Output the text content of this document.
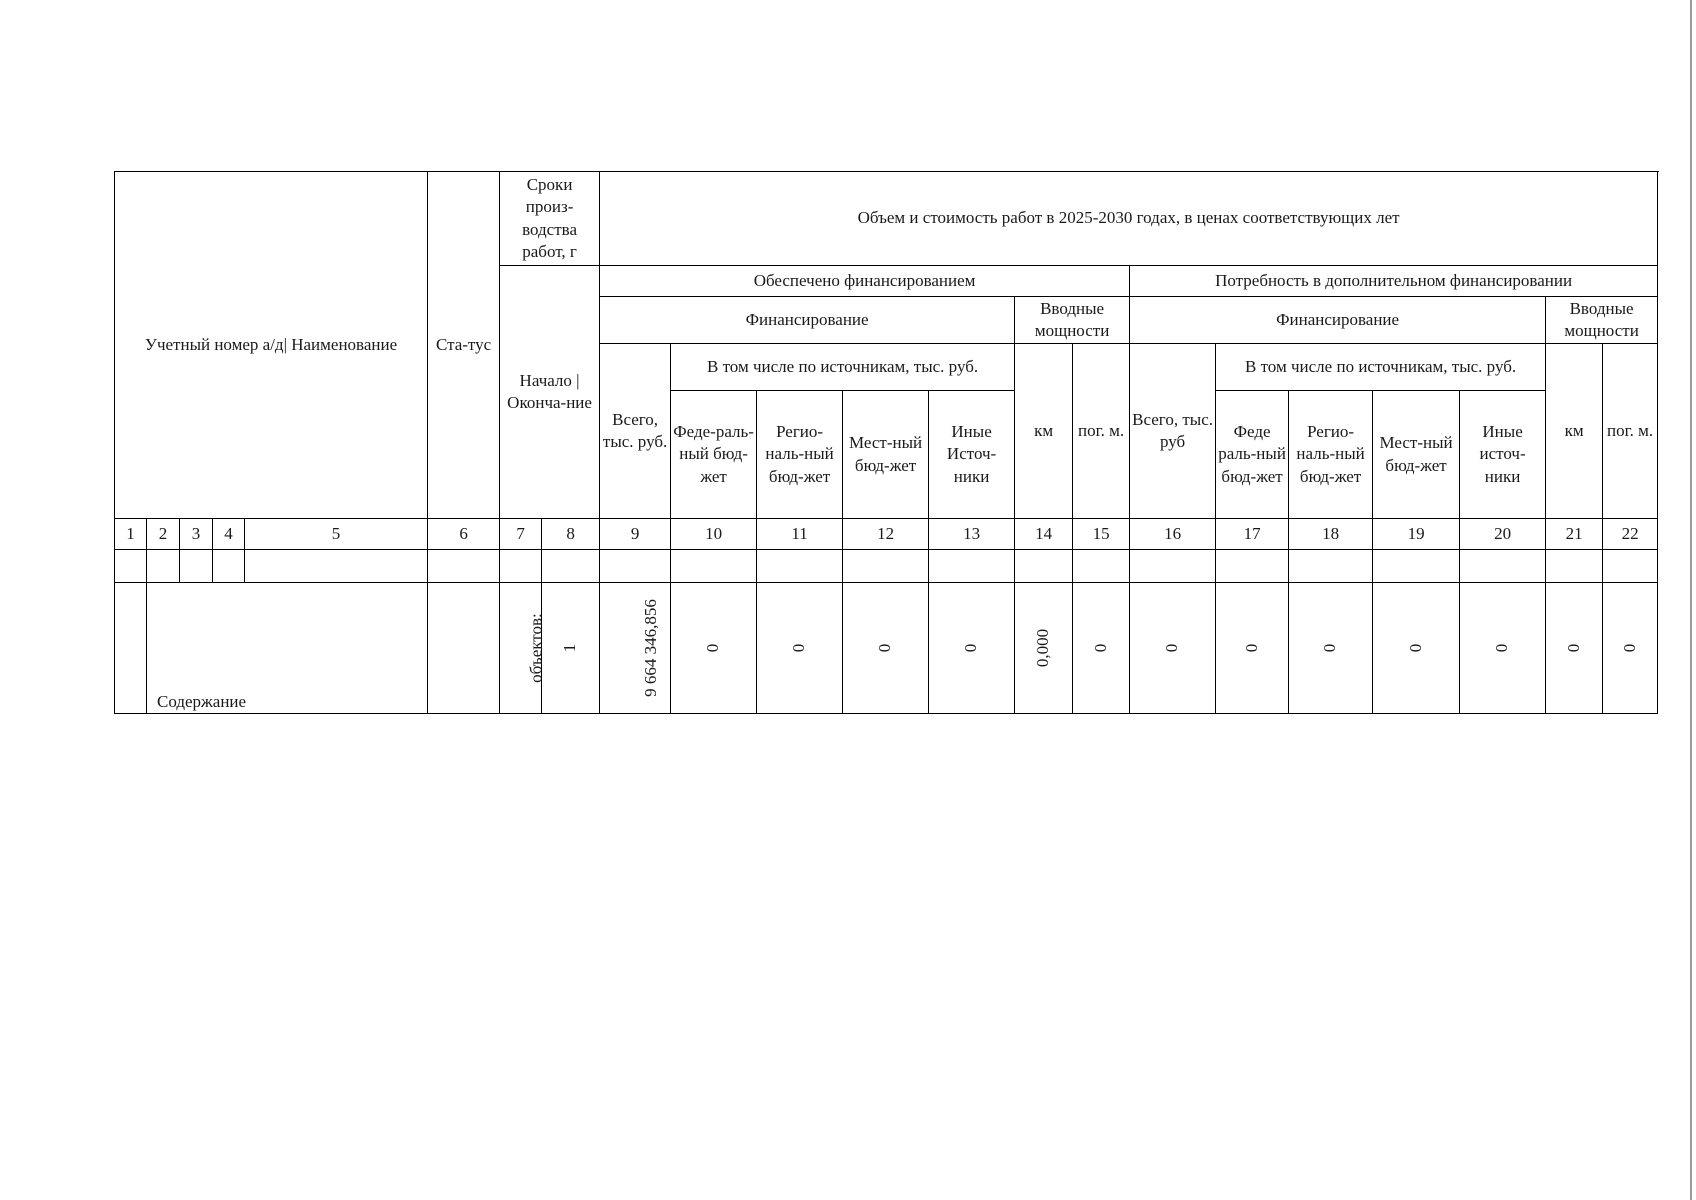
Учетный номер а/д| Наименование					Ста-тус	Сроки произ-водства работ, г		Объем и стоимость работ в 2025-2030 годах, в ценах соответствующих лет													
						Начало | Оконча-ние		Обеспечено финансированием							Потребность в дополнительном финансировании						
								Финансирование					Вводные мощности		Финансирование					Вводные мощности	
								Всего, тыс. руб.	В том числе по источникам, тыс. руб.				км	пог. м.	Всего, тыс. руб	В том числе по источникам, тыс. руб.				км	пог. м.
									Феде-раль-ный бюд-жет	Регио-наль-ный бюд-жет	Мест-ный бюд-жет	Иные Источ-ники				Феде раль-ный бюд-жет	Регио-наль-ный бюд-жет	Мест-ный бюд-жет	Иные источ-ники		
1	2	3	4	5	6	7	8	9	10	11	12	13	14	15	16	17	18	19	20	21	22

	Содержание					объектов:	1	9 664 346,856	0	0	0	0	0,000	0	0	0	0	0	0	0	0
